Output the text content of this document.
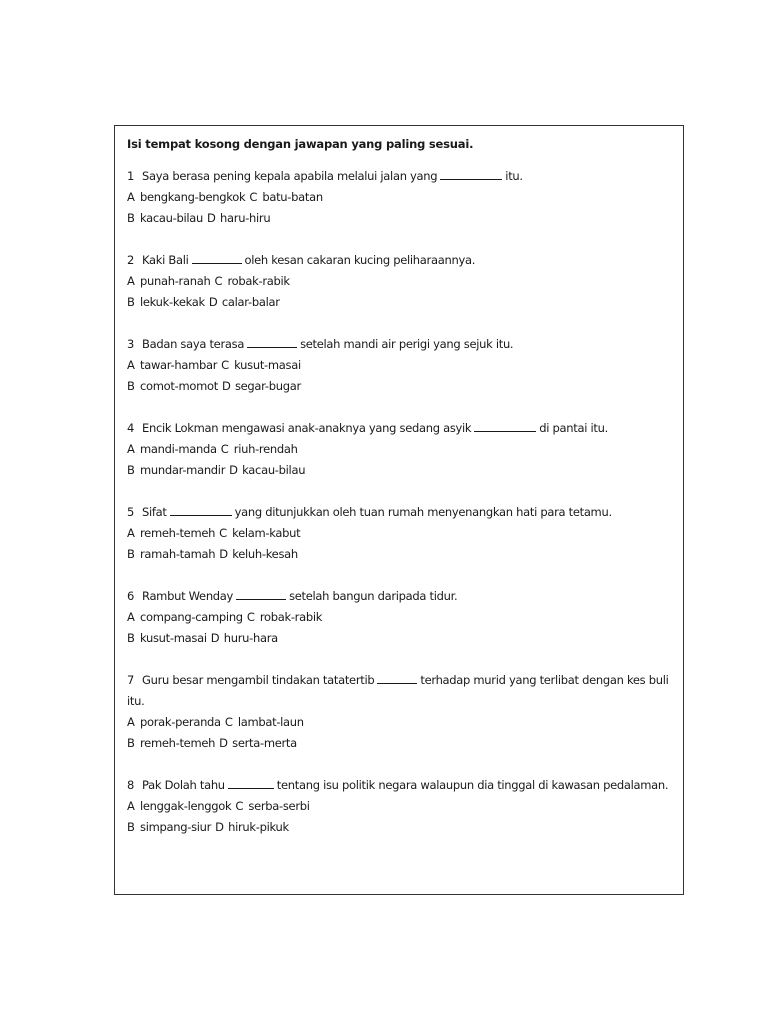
Isi tempat kosong dengan jawapan yang paling sesuai.
1 Saya berasa pening kepala apabila melalui jalan yang	itu.
A bengkang-bengkok C batu-batan
B kacau-bilau D haru-hiru
2 Kaki Bali	oleh kesan cakaran kucing peliharaannya.
A punah-ranah C robak-rabik
B lekuk-kekak D calar-balar
3 Badan saya terasa	setelah mandi air perigi yang sejuk itu.
A tawar-hambar C kusut-masai
B comot-momot D segar-bugar
4 Encik Lokman mengawasi anak-anaknya yang sedang asyik	di pantai itu.
A mandi-manda C riuh-rendah
B mundar-mandir D kacau-bilau
5 Sifat	yang ditunjukkan oleh tuan rumah menyenangkan hati para tetamu.
A remeh-temeh C kelam-kabut
B ramah-tamah D keluh-kesah
6 Rambut Wenday	setelah bangun daripada tidur.
A compang-camping C robak-rabik
B kusut-masai D huru-hara
7 Guru besar mengambil tindakan tatatertib	terhadap murid yang terlibat dengan kes buli itu.
A porak-peranda C lambat-laun
B remeh-temeh D serta-merta
8 Pak Dolah tahu	tentang isu politik negara walaupun dia tinggal di kawasan pedalaman.
A lenggak-lenggok C serba-serbi
B simpang-siur D hiruk-pikuk
